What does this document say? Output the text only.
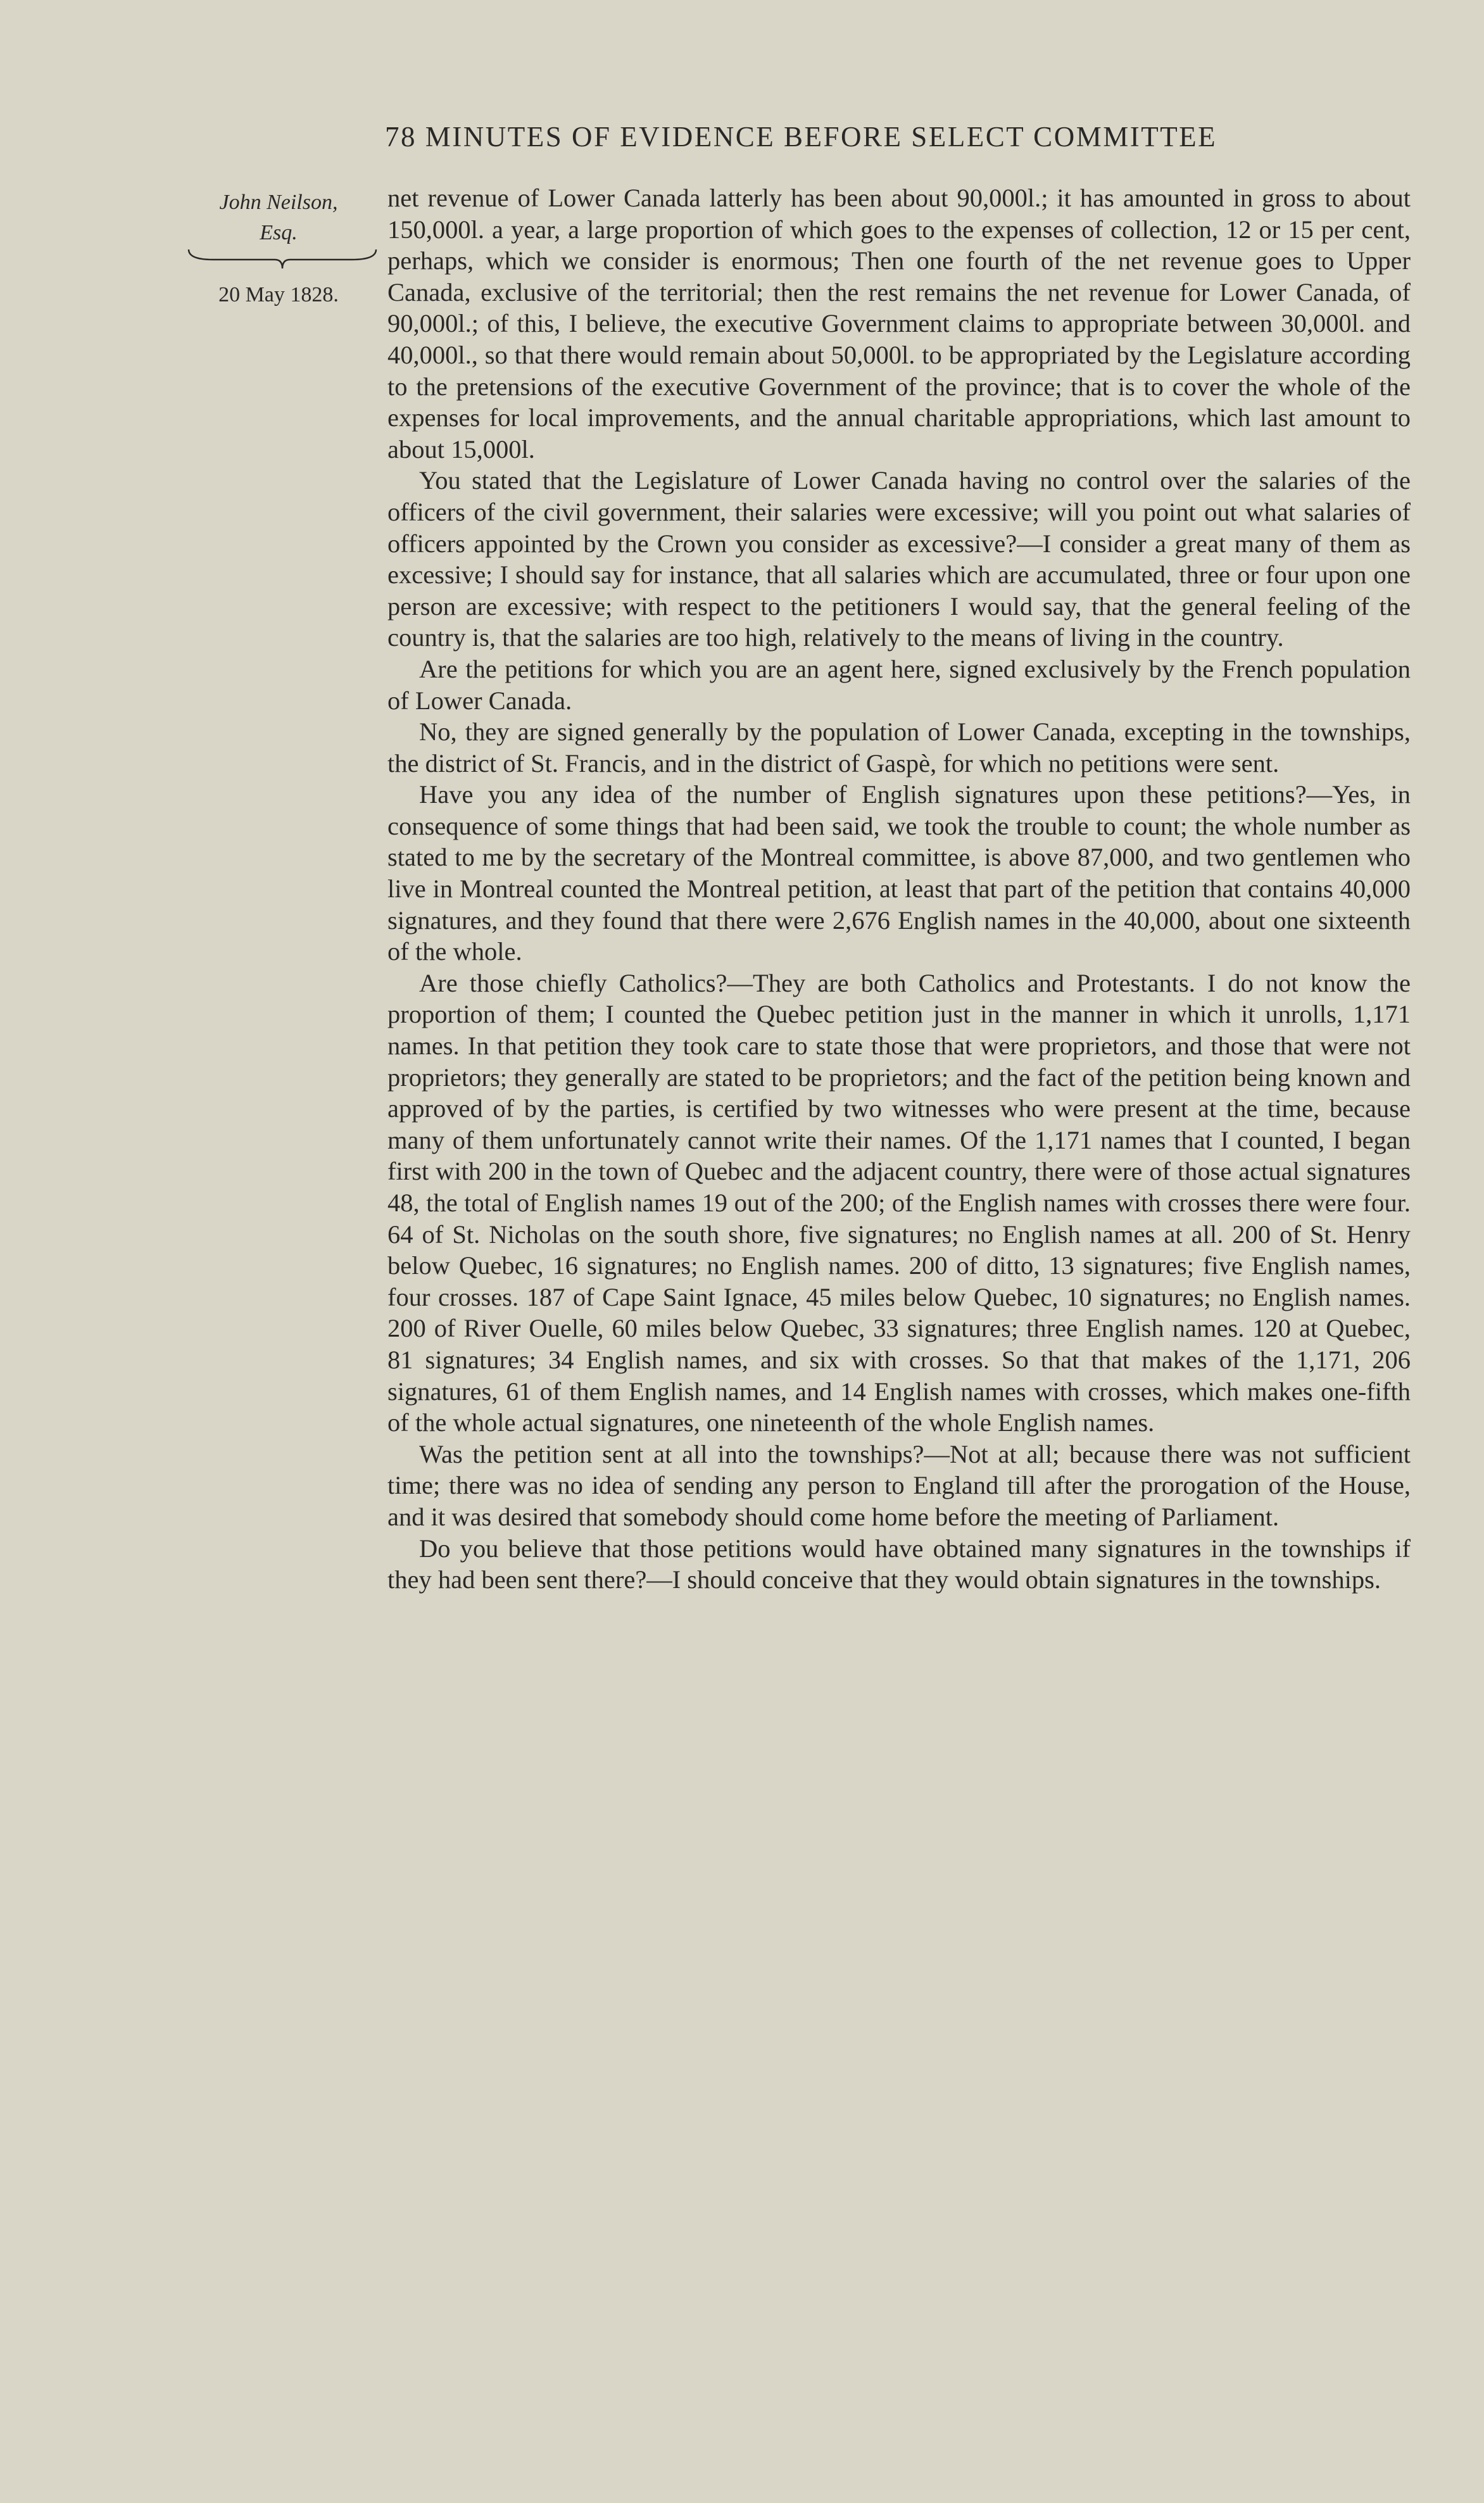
78 MINUTES OF EVIDENCE BEFORE SELECT COMMITTEE
John Neilson,
Esq.
20 May 1828.

net revenue of Lower Canada latterly has been about 90,000l.; it has amounted in gross to about 150,000l. a year, a large proportion of which goes to the expenses of collection, 12 or 15 per cent, perhaps, which we consider is enormous; Then one fourth of the net revenue goes to Upper Canada, exclusive of the territorial; then the rest remains the net revenue for Lower Canada, of 90,000l.; of this, I believe, the executive Government claims to appropriate between 30,000l. and 40,000l., so that there would remain about 50,000l. to be appropriated by the Legislature according to the pretensions of the executive Government of the province; that is to cover the whole of the expenses for local improvements, and the annual charitable appropriations, which last amount to about 15,000l.

You stated that the Legislature of Lower Canada having no control over the salaries of the officers of the civil government, their salaries were excessive; will you point out what salaries of officers appointed by the Crown you consider as excessive?—I consider a great many of them as excessive; I should say for instance, that all salaries which are accumulated, three or four upon one person are excessive; with respect to the petitioners I would say, that the general feeling of the country is, that the salaries are too high, relatively to the means of living in the country.

Are the petitions for which you are an agent here, signed exclusively by the French population of Lower Canada.

No, they are signed generally by the population of Lower Canada, excepting in the townships, the district of St. Francis, and in the district of Gaspè, for which no petitions were sent.

Have you any idea of the number of English signatures upon these petitions?—Yes, in consequence of some things that had been said, we took the trouble to count; the whole number as stated to me by the secretary of the Montreal committee, is above 87,000, and two gentlemen who live in Montreal counted the Montreal petition, at least that part of the petition that contains 40,000 signatures, and they found that there were 2,676 English names in the 40,000, about one sixteenth of the whole.

Are those chiefly Catholics?—They are both Catholics and Protestants. I do not know the proportion of them; I counted the Quebec petition just in the manner in which it unrolls, 1,171 names. In that petition they took care to state those that were proprietors, and those that were not proprietors; they generally are stated to be proprietors; and the fact of the petition being known and approved of by the parties, is certified by two witnesses who were present at the time, because many of them unfortunately cannot write their names. Of the 1,171 names that I counted, I began first with 200 in the town of Quebec and the adjacent country, there were of those actual signatures 48, the total of English names 19 out of the 200; of the English names with crosses there were four. 64 of St. Nicholas on the south shore, five signatures; no English names at all. 200 of St. Henry below Quebec, 16 signatures; no English names. 200 of ditto, 13 signatures; five English names, four crosses. 187 of Cape Saint Ignace, 45 miles below Quebec, 10 signatures; no English names. 200 of River Ouelle, 60 miles below Quebec, 33 signatures; three English names. 120 at Quebec, 81 signatures; 34 English names, and six with crosses. So that that makes of the 1,171, 206 signatures, 61 of them English names, and 14 English names with crosses, which makes one-fifth of the whole actual signatures, one nineteenth of the whole English names.

Was the petition sent at all into the townships?—Not at all; because there was not sufficient time; there was no idea of sending any person to England till after the prorogation of the House, and it was desired that somebody should come home before the meeting of Parliament.

Do you believe that those petitions would have obtained many signatures in the townships if they had been sent there?—I should conceive that they would obtain signatures in the townships.
